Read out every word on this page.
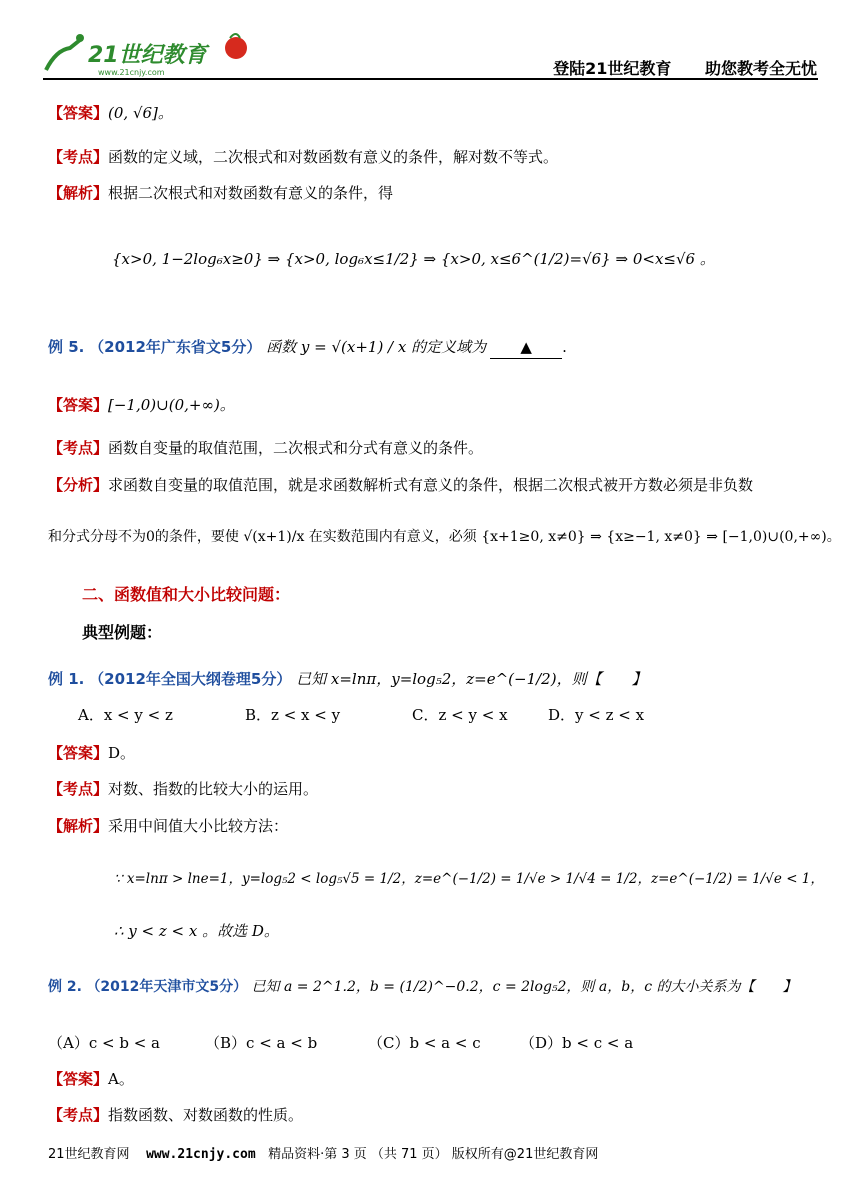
21世纪教育
www.21cnjy.com	登陆21世纪教育 助您教考全无忧
【答案】(0, √6]。
【考点】函数的定义域，二次根式和对数函数有意义的条件，解对数不等式。
【解析】根据二次根式和对数函数有意义的条件，得
{x>0, 1−2log₆x≥0} ⇒ {x>0, log₆x≤1/2} ⇒ {x>0, x≤6^(1/2)=√6} ⇒ 0<x≤√6 。
例 5. （2012年广东省文5分） 函数 y = √(x+1) / x 的定义域为 ▲ .
【答案】[−1,0)∪(0,+∞)。
【考点】函数自变量的取值范围，二次根式和分式有意义的条件。
【分析】求函数自变量的取值范围，就是求函数解析式有意义的条件，根据二次根式被开方数必须是非负数
和分式分母不为0的条件，要使 √(x+1)/x 在实数范围内有意义，必须 {x+1≥0, x≠0} ⇒ {x≥−1, x≠0} ⇒ [−1,0)∪(0,+∞)。
二、函数值和大小比较问题：
典型例题：
例 1. （2012年全国大纲卷理5分） 已知 x=lnπ，y=log₅2，z=e^(−1/2)，则【　　】
A．x < y < z	B．z < x < y	C．z < y < x	D．y < z < x
【答案】D。
【考点】对数、指数的比较大小的运用。
【解析】采用中间值大小比较方法：
∵ x=lnπ > lne=1，y=log₅2 < log₅√5 = 1/2，z=e^(−1/2) = 1/√e > 1/√4 = 1/2，z=e^(−1/2) = 1/√e < 1，
∴ y < z < x 。故选 D。
例 2. （2012年天津市文5分） 已知 a = 2^1.2，b = (1/2)^−0.2，c = 2log₅2，则 a，b，c 的大小关系为【　　】
（A）c < b < a	（B）c < a < b	（C）b < a < c	（D）b < c < a
【答案】A。
【考点】指数函数、对数函数的性质。
21世纪教育网 www.21cnjy.com 精品资料·第 3 页 （共 71 页） 版权所有@21世纪教育网
